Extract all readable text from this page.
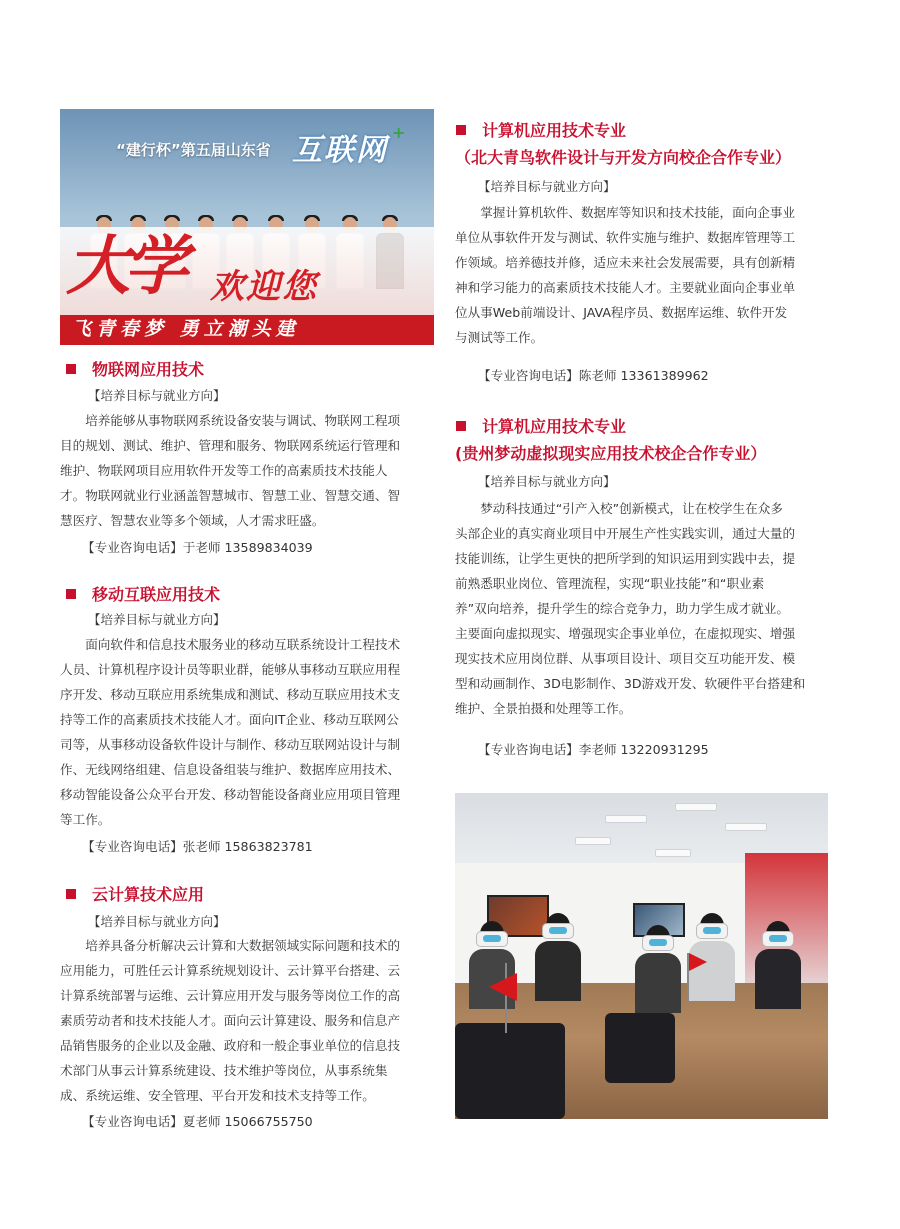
“建行杯”第五届山东省 互联网
+
大学 欢迎您
飞青春梦 勇立潮头建
物联网应用技术
【培养目标与就业方向】
培养能够从事物联网系统设备安装与调试、物联网工程项
目的规划、测试、维护、管理和服务、物联网系统运行管理和
维护、物联网项目应用软件开发等工作的高素质技术技能人
才。物联网就业行业涵盖智慧城市、智慧工业、智慧交通、智
慧医疗、智慧农业等多个领域，人才需求旺盛。
【专业咨询电话】于老师 13589834039
移动互联应用技术
【培养目标与就业方向】
面向软件和信息技术服务业的移动互联系统设计工程技术
人员、计算机程序设计员等职业群，能够从事移动互联应用程
序开发、移动互联应用系统集成和测试、移动互联应用技术支
持等工作的高素质技术技能人才。面向IT企业、移动互联网公
司等，从事移动设备软件设计与制作、移动互联网站设计与制
作、无线网络组建、信息设备组装与维护、数据库应用技术、
移动智能设备公众平台开发、移动智能设备商业应用项目管理
等工作。
【专业咨询电话】张老师 15863823781
云计算技术应用
【培养目标与就业方向】
培养具备分析解决云计算和大数据领域实际问题和技术的
应用能力，可胜任云计算系统规划设计、云计算平台搭建、云
计算系统部署与运维、云计算应用开发与服务等岗位工作的高
素质劳动者和技术技能人才。面向云计算建设、服务和信息产
品销售服务的企业以及金融、政府和一般企事业单位的信息技
术部门从事云计算系统建设、技术维护等岗位，从事系统集
成、系统运维、安全管理、平台开发和技术支持等工作。
【专业咨询电话】夏老师 15066755750
计算机应用技术专业
（北大青鸟软件设计与开发方向校企合作专业）
【培养目标与就业方向】
掌握计算机软件、数据库等知识和技术技能，面向企事业
单位从事软件开发与测试、软件实施与维护、数据库管理等工
作领域。培养德技并修，适应未来社会发展需要，具有创新精
神和学习能力的高素质技术技能人才。主要就业面向企事业单
位从事Web前端设计、JAVA程序员、数据库运维、软件开发
与测试等工作。
【专业咨询电话】陈老师 13361389962
计算机应用技术专业
(贵州梦动虚拟现实应用技术校企合作专业）
【培养目标与就业方向】
梦动科技通过“引产入校”创新模式，让在校学生在众多
头部企业的真实商业项目中开展生产性实践实训，通过大量的
技能训练，让学生更快的把所学到的知识运用到实践中去，提
前熟悉职业岗位、管理流程，实现“职业技能”和“职业素
养”双向培养，提升学生的综合竞争力，助力学生成才就业。
主要面向虚拟现实、增强现实企事业单位，在虚拟现实、增强
现实技术应用岗位群、从事项目设计、项目交互功能开发、模
型和动画制作、3D电影制作、3D游戏开发、软硬件平台搭建和
维护、全景拍摄和处理等工作。
【专业咨询电话】李老师 13220931295
